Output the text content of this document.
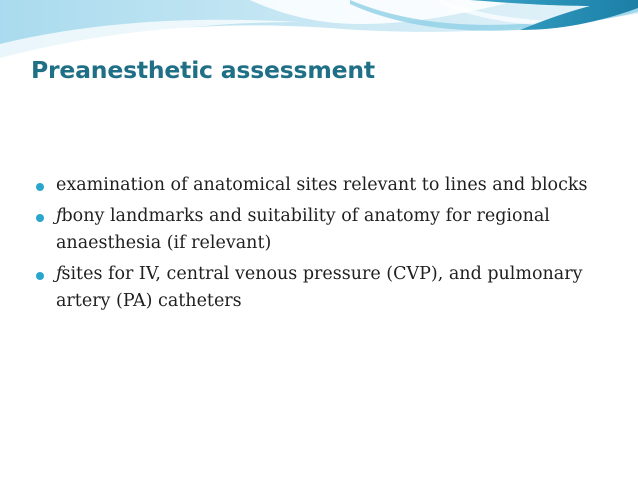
Preanesthetic assessment
examination of anatomical sites relevant to lines and blocks
ƒbony landmarks and suitability of anatomy for regional anaesthesia (if relevant)
ƒsites for IV, central venous pressure (CVP), and pulmonary artery (PA) catheters
